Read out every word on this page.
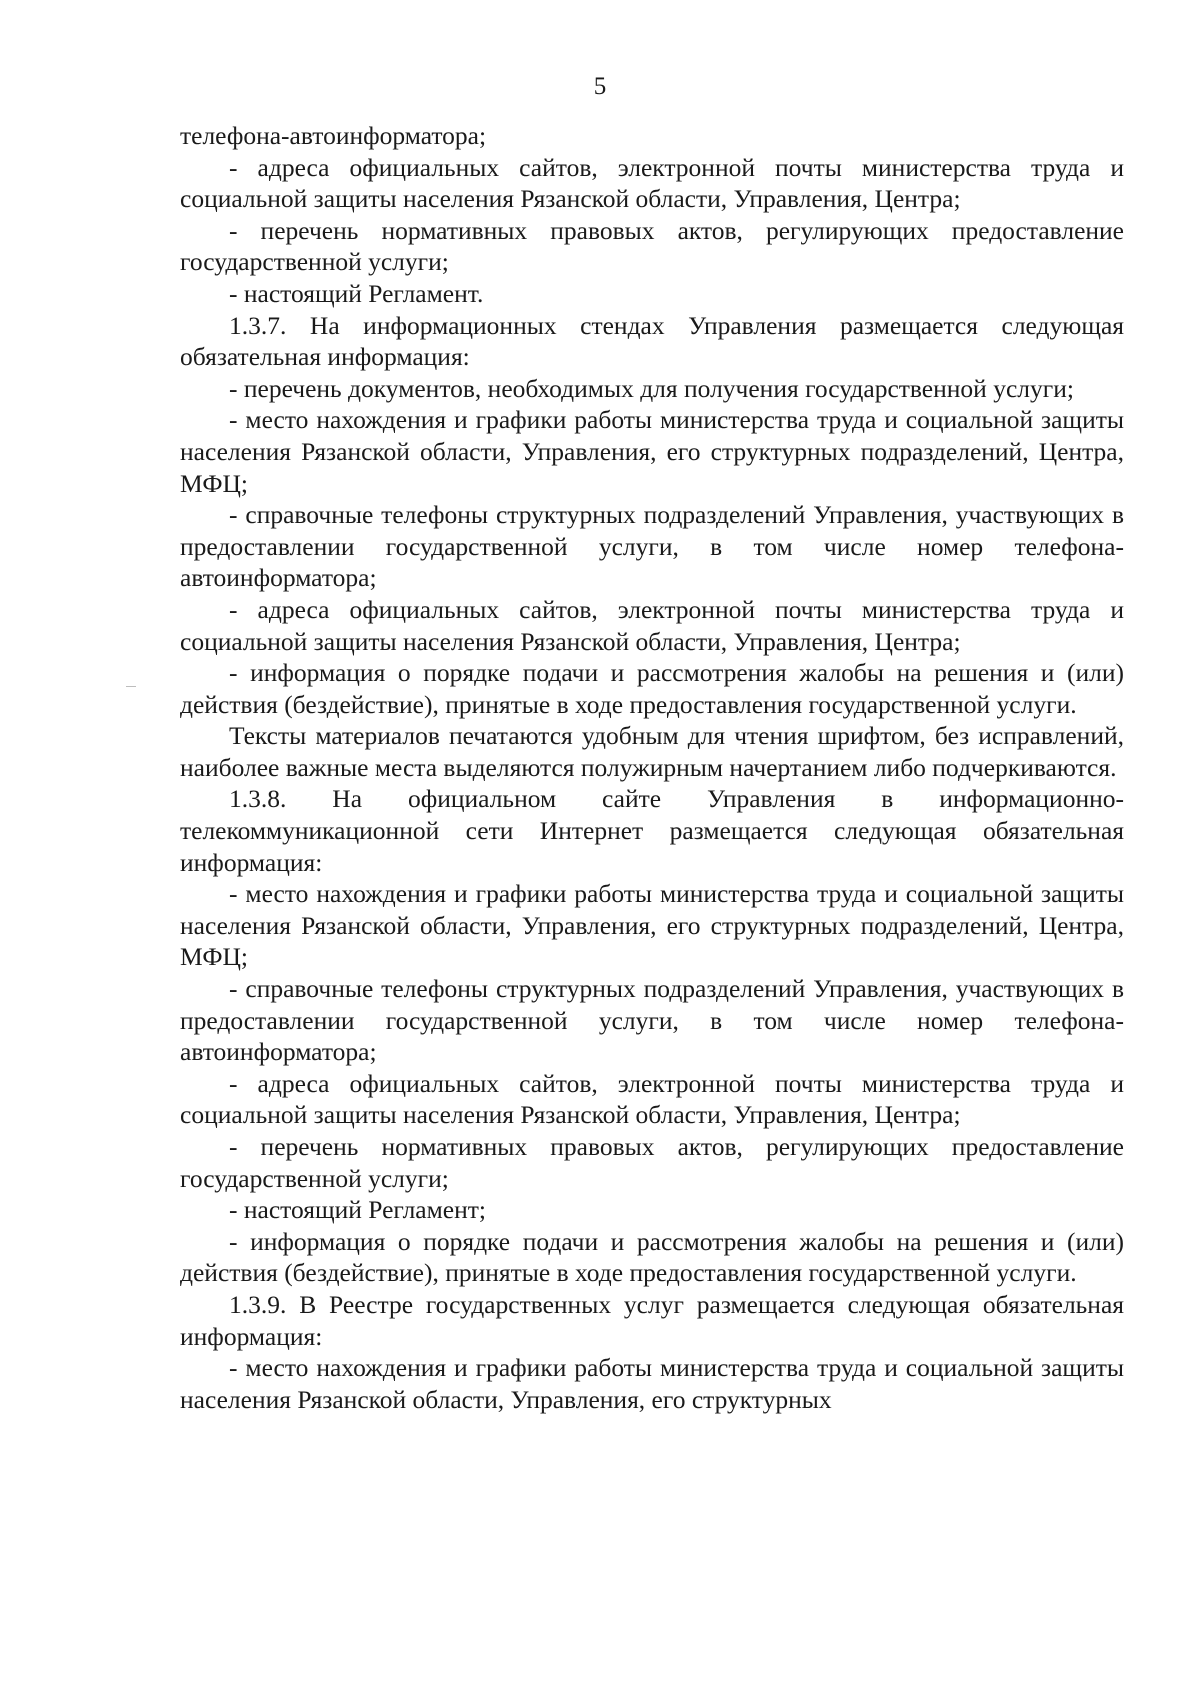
5

телефона-автоинформатора;

- адреса официальных сайтов, электронной почты министерства труда и социальной защиты населения Рязанской области, Управления, Центра;

- перечень нормативных правовых актов, регулирующих предоставление государственной услуги;

- настоящий Регламент.

1.3.7. На информационных стендах Управления размещается следующая обязательная информация:

- перечень документов, необходимых для получения государственной услуги;

- место нахождения и графики работы министерства труда и социальной защиты населения Рязанской области, Управления, его структурных подразделений, Центра, МФЦ;

- справочные телефоны структурных подразделений Управления, участвующих в предоставлении государственной услуги, в том числе номер телефона-автоинформатора;

- адреса официальных сайтов, электронной почты министерства труда и социальной защиты населения Рязанской области, Управления, Центра;

- информация о порядке подачи и рассмотрения жалобы на решения и (или) действия (бездействие), принятые в ходе предоставления государственной услуги.

Тексты материалов печатаются удобным для чтения шрифтом, без исправлений, наиболее важные места выделяются полужирным начертанием либо подчеркиваются.

1.3.8. На официальном сайте Управления в информационно-телекоммуникационной сети Интернет размещается следующая обязательная информация:

- место нахождения и графики работы министерства труда и социальной защиты населения Рязанской области, Управления, его структурных подразделений, Центра, МФЦ;

- справочные телефоны структурных подразделений Управления, участвующих в предоставлении государственной услуги, в том числе номер телефона-автоинформатора;

- адреса официальных сайтов, электронной почты министерства труда и социальной защиты населения Рязанской области, Управления, Центра;

- перечень нормативных правовых актов, регулирующих предоставление государственной услуги;

- настоящий Регламент;

- информация о порядке подачи и рассмотрения жалобы на решения и (или) действия (бездействие), принятые в ходе предоставления государственной услуги.

1.3.9. В Реестре государственных услуг размещается следующая обязательная информация:

- место нахождения и графики работы министерства труда и социальной защиты населения Рязанской области, Управления, его структурных
